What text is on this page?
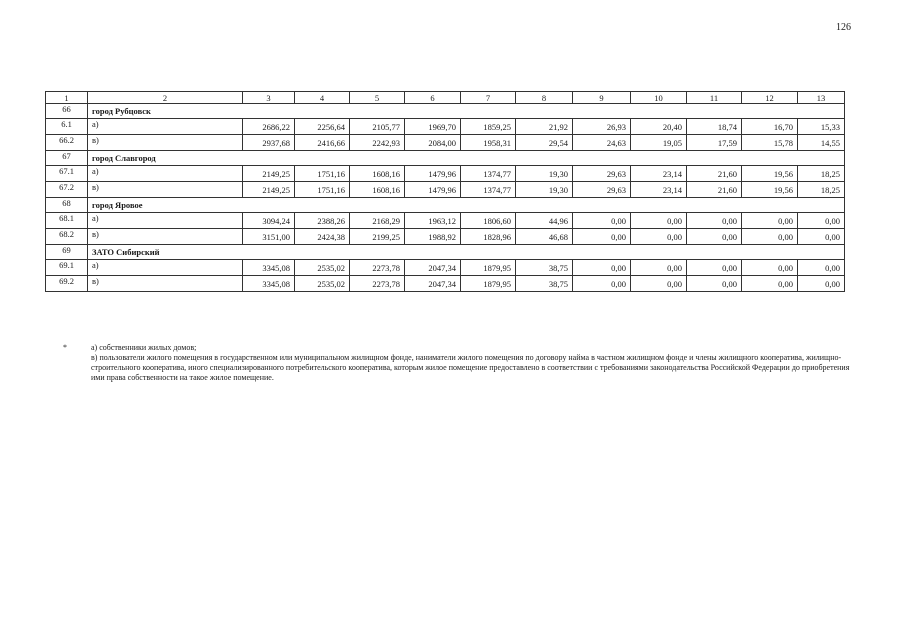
126
1	2	3	4	5	6	7	8	9	10	11	12	13
66	город Рубцовск											
6.1	а)	2686,22	2256,64	2105,77	1969,70	1859,25	21,92	26,93	20,40	18,74	16,70	15,33
66.2	в)	2937,68	2416,66	2242,93	2084,00	1958,31	29,54	24,63	19,05	17,59	15,78	14,55
67	город Славгород											
67.1	а)	2149,25	1751,16	1608,16	1479,96	1374,77	19,30	29,63	23,14	21,60	19,56	18,25
67.2	в)	2149,25	1751,16	1608,16	1479,96	1374,77	19,30	29,63	23,14	21,60	19,56	18,25
68	город Яровое											
68.1	а)	3094,24	2388,26	2168,29	1963,12	1806,60	44,96	0,00	0,00	0,00	0,00	0,00
68.2	в)	3151,00	2424,38	2199,25	1988,92	1828,96	46,68	0,00	0,00	0,00	0,00	0,00
69	ЗАТО Сибирский											
69.1	а)	3345,08	2535,02	2273,78	2047,34	1879,95	38,75	0,00	0,00	0,00	0,00	0,00
69.2	в)	3345,08	2535,02	2273,78	2047,34	1879,95	38,75	0,00	0,00	0,00	0,00	0,00
*	а) собственники жилых домов;

в) пользователи жилого помещения в государственном или муниципальном жилищном фонде, наниматели жилого помещения по договору найма в частном жилищном фонде и члены жилищного кооператива, жилищно-строительного кооператива, иного специализированного потребительского кооператива, которым жилое помещение предоставлено в соответствии с требованиями законодательства Российской Федерации до приобретения ими права собственности на такое жилое помещение.
